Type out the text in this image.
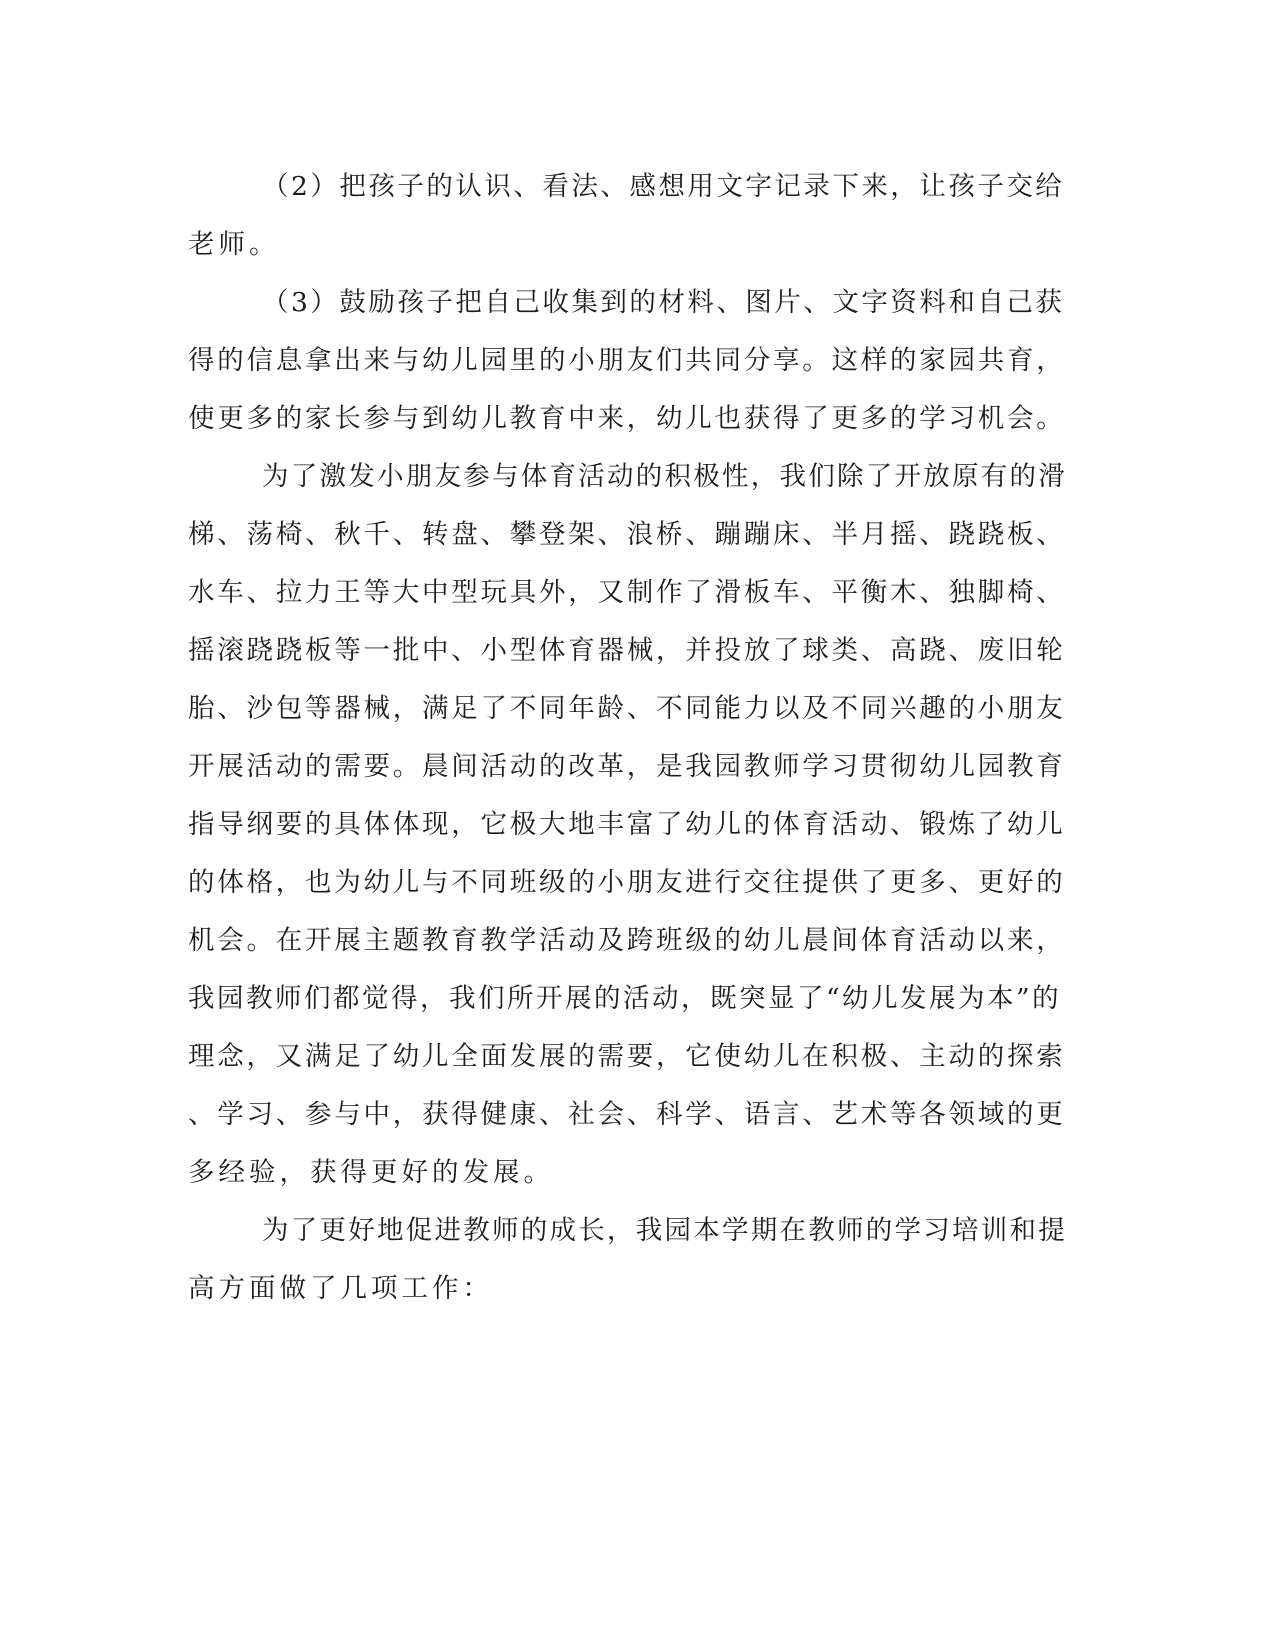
（2）把孩子的认识、看法、感想用文字记录下来，让孩子交给
老师。
（3）鼓励孩子把自己收集到的材料、图片、文字资料和自己获
得的信息拿出来与幼儿园里的小朋友们共同分享。这样的家园共育，
使更多的家长参与到幼儿教育中来，幼儿也获得了更多的学习机会。
为了激发小朋友参与体育活动的积极性，我们除了开放原有的滑
梯、荡椅、秋千、转盘、攀登架、浪桥、蹦蹦床、半月摇、跷跷板、
水车、拉力王等大中型玩具外，又制作了滑板车、平衡木、独脚椅、
摇滚跷跷板等一批中、小型体育器械，并投放了球类、高跷、废旧轮
胎、沙包等器械，满足了不同年龄、不同能力以及不同兴趣的小朋友
开展活动的需要。晨间活动的改革，是我园教师学习贯彻幼儿园教育
指导纲要的具体体现，它极大地丰富了幼儿的体育活动、锻炼了幼儿
的体格，也为幼儿与不同班级的小朋友进行交往提供了更多、更好的
机会。在开展主题教育教学活动及跨班级的幼儿晨间体育活动以来，
我园教师们都觉得，我们所开展的活动，既突显了“幼儿发展为本”的
理念，又满足了幼儿全面发展的需要，它使幼儿在积极、主动的探索
、学习、参与中，获得健康、社会、科学、语言、艺术等各领域的更
多经验，获得更好的发展。
为了更好地促进教师的成长，我园本学期在教师的学习培训和提
高方面做了几项工作：
